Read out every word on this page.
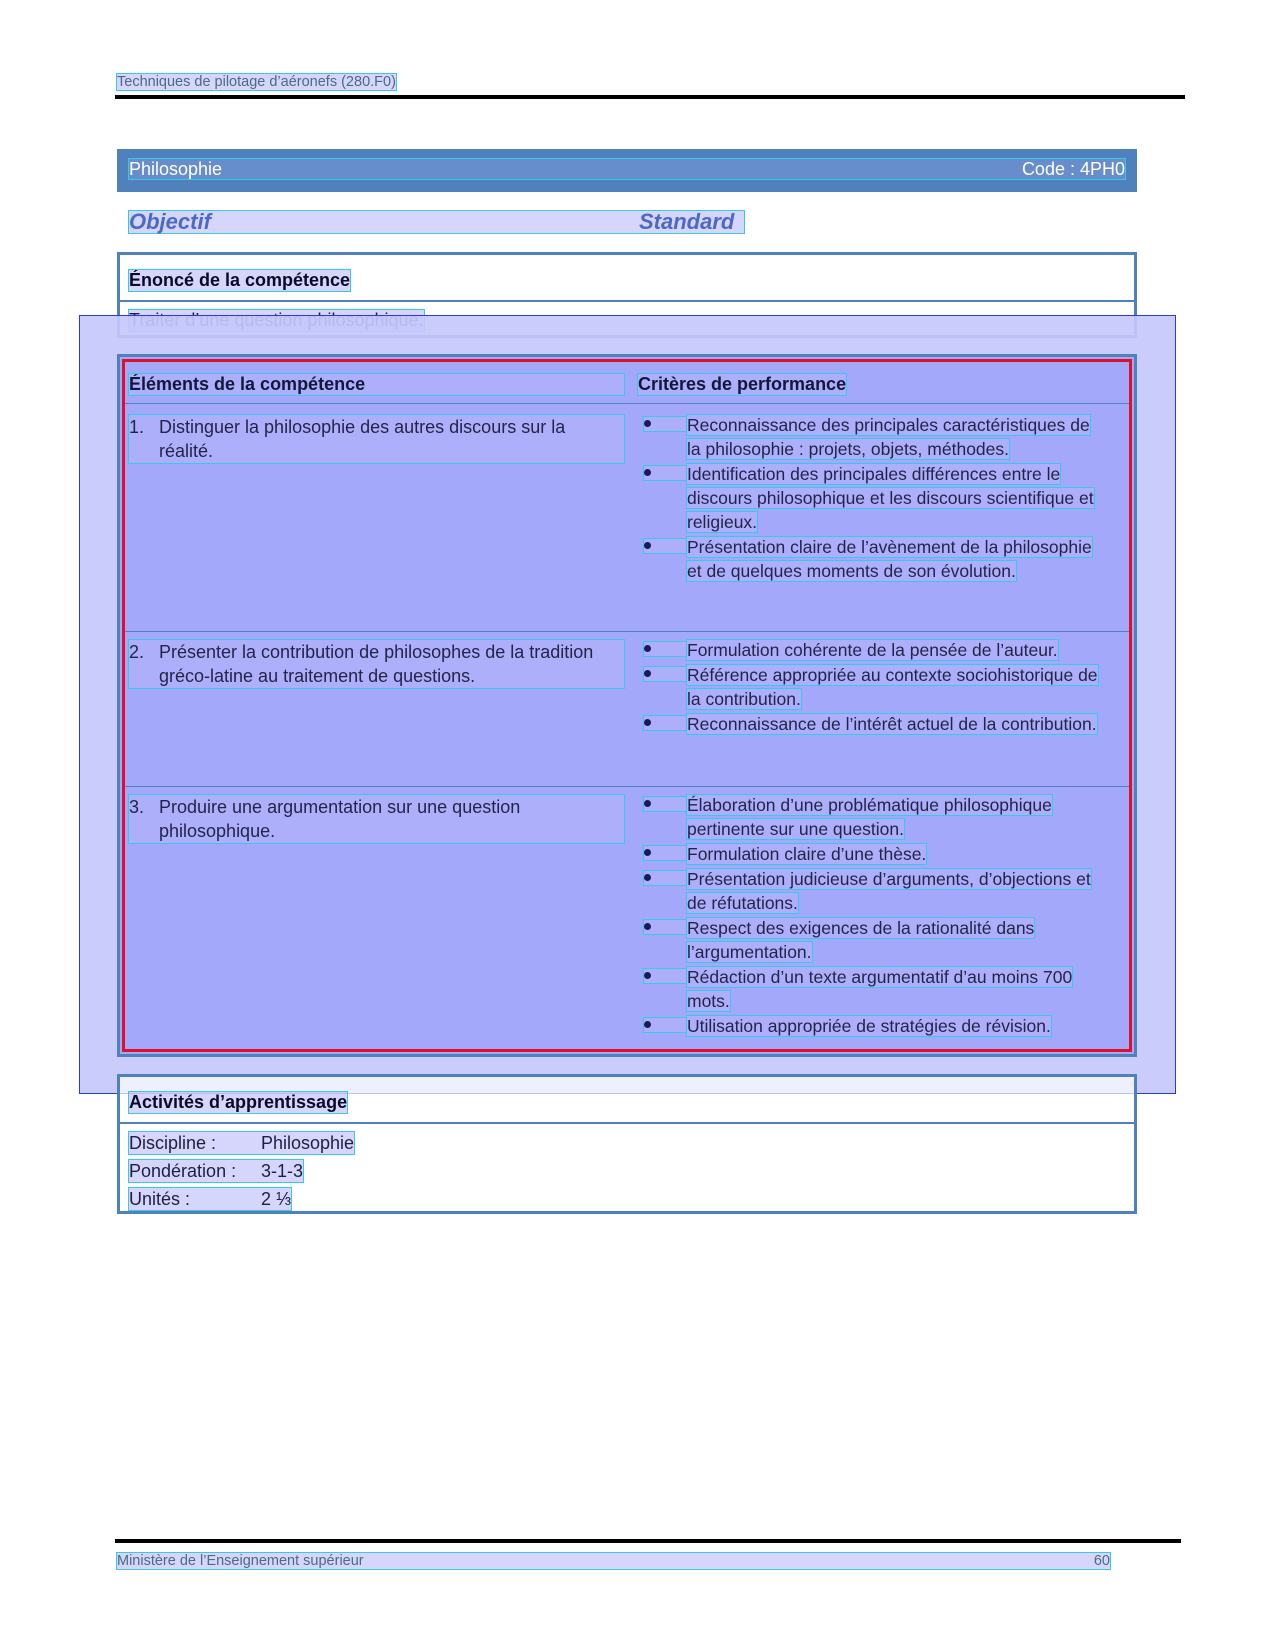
Techniques de pilotage d’aéronefs (280.F0)
Philosophie	Code : 4PH0
Objectif	Standard
Énoncé de la compétence
Éléments de la compétence	Critères de performance
1. Distinguer la philosophie des autres discours sur la réalité.
Reconnaissance des principales caractéristiques de la philosophie : projets, objets, méthodes.
Identification des principales différences entre le discours philosophique et les discours scientifique et religieux.
Présentation claire de l’avènement de la philosophie et de quelques moments de son évolution.
2. Présenter la contribution de philosophes de la tradition gréco-latine au traitement de questions.
Formulation cohérente de la pensée de l’auteur.
Référence appropriée au contexte sociohistorique de la contribution.
Reconnaissance de l’intérêt actuel de la contribution.
3. Produire une argumentation sur une question philosophique.
Élaboration d’une problématique philosophique pertinente sur une question.
Formulation claire d’une thèse.
Présentation judicieuse d’arguments, d’objections et de réfutations.
Respect des exigences de la rationalité dans l’argumentation.
Rédaction d’un texte argumentatif d’au moins 700 mots.
Utilisation appropriée de stratégies de révision.
Activités d’apprentissage
Discipline : Philosophie
Pondération : 3-1-3
Unités :	2 ⅓
Ministère de l’Enseignement supérieur	60
